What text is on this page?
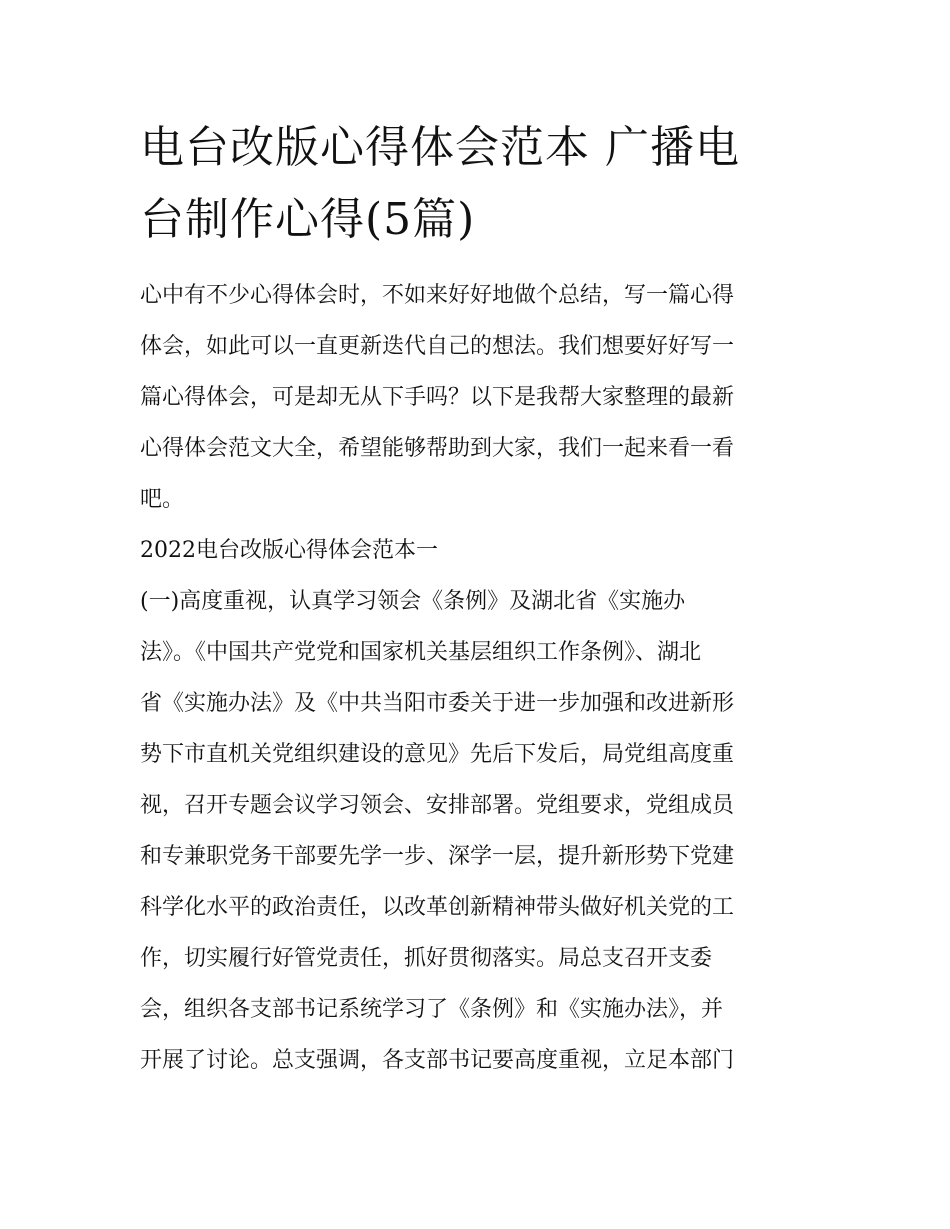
电台改版心得体会范本 广播电
台制作心得(5篇)
心中有不少心得体会时，不如来好好地做个总结，写一篇心得
体会，如此可以一直更新迭代自己的想法。我们想要好好写一
篇心得体会，可是却无从下手吗？以下是我帮大家整理的最新
心得体会范文大全，希望能够帮助到大家，我们一起来看一看
吧。
2022电台改版心得体会范本一
(一)高度重视，认真学习领会《条例》及湖北省《实施办
法》。《中国共产党党和国家机关基层组织工作条例》、湖北
省《实施办法》及《中共当阳市委关于进一步加强和改进新形
势下市直机关党组织建设的意见》先后下发后，局党组高度重
视，召开专题会议学习领会、安排部署。党组要求，党组成员
和专兼职党务干部要先学一步、深学一层，提升新形势下党建
科学化水平的政治责任，以改革创新精神带头做好机关党的工
作，切实履行好管党责任，抓好贯彻落实。局总支召开支委
会，组织各支部书记系统学习了《条例》和《实施办法》，并
开展了讨论。总支强调，各支部书记要高度重视，立足本部门
